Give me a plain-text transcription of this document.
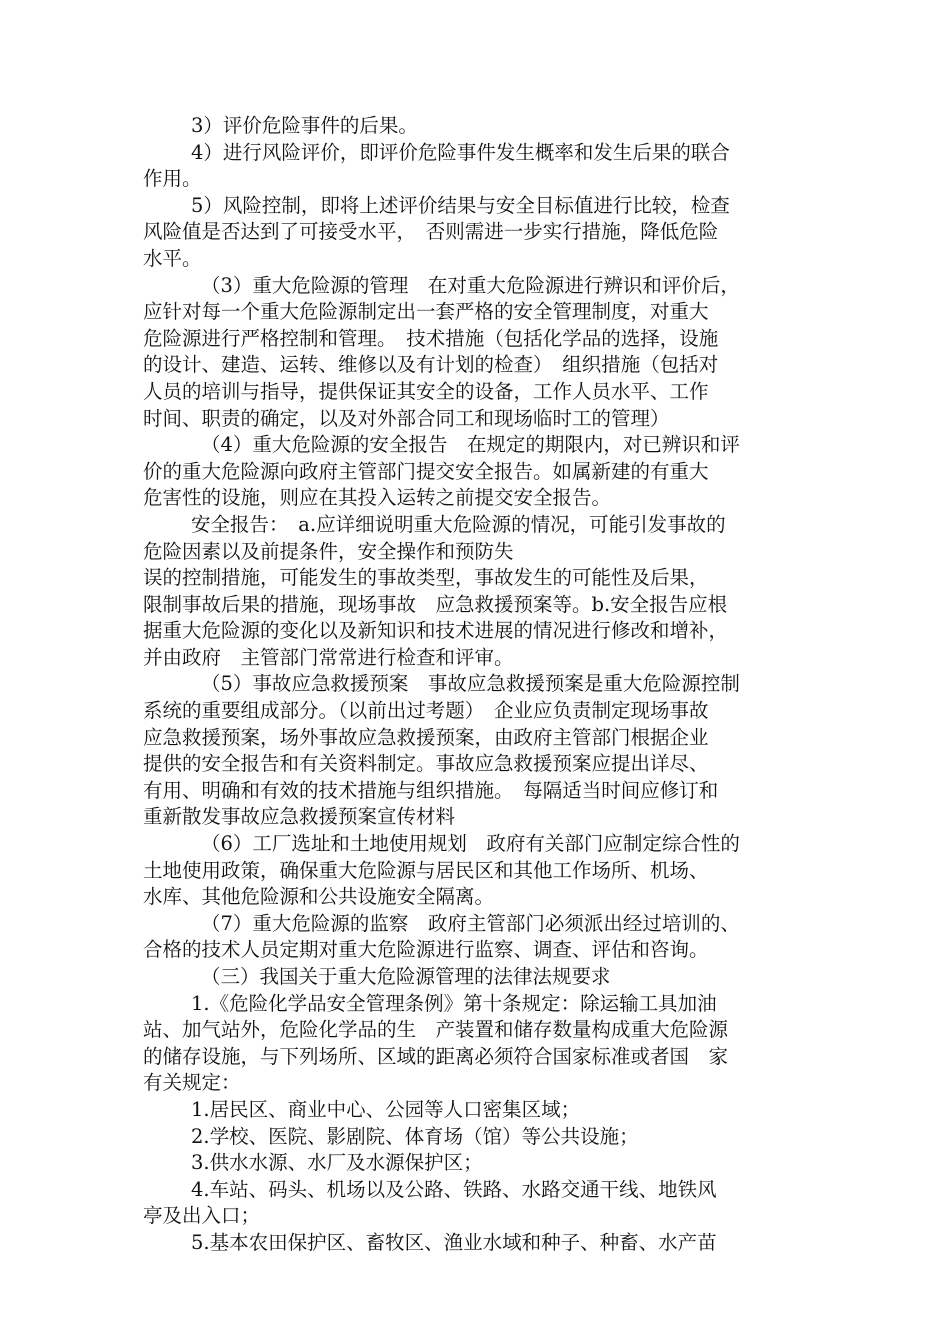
3）评价危险事件的后果。
4）进行风险评价，即评价危险事件发生概率和发生后果的联合
作用。
5）风险控制，即将上述评价结果与安全目标值进行比较，检查
风险值是否达到了可接受水平，　否则需进一步实行措施，降低危险
水平。
（3）重大危险源的管理　在对重大危险源进行辨识和评价后，
应针对每一个重大危险源制定出一套严格的安全管理制度，对重大
危险源进行严格控制和管理。　技术措施（包括化学品的选择，设施
的设计、建造、运转、维修以及有计划的检查）　组织措施（包括对
人员的培训与指导，提供保证其安全的设备，工作人员水平、工作
时间、职责的确定，以及对外部合同工和现场临时工的管理）
（4）重大危险源的安全报告　在规定的期限内，对已辨识和评
价的重大危险源向政府主管部门提交安全报告。如属新建的有重大
危害性的设施，则应在其投入运转之前提交安全报告。
安全报告：　a.应详细说明重大危险源的情况，可能引发事故的
危险因素以及前提条件，安全操作和预防失
误的控制措施，可能发生的事故类型，事故发生的可能性及后果，
限制事故后果的措施，现场事故　应急救援预案等。b.安全报告应根
据重大危险源的变化以及新知识和技术进展的情况进行修改和增补，
并由政府　主管部门常常进行检查和评审。
（5）事故应急救援预案　事故应急救援预案是重大危险源控制
系统的重要组成部分。（以前出过考题）　企业应负责制定现场事故
应急救援预案，场外事故应急救援预案，由政府主管部门根据企业
提供的安全报告和有关资料制定。事故应急救援预案应提出详尽、
有用、明确和有效的技术措施与组织措施。　每隔适当时间应修订和
重新散发事故应急救援预案宣传材料
（6）工厂选址和土地使用规划　政府有关部门应制定综合性的
土地使用政策，确保重大危险源与居民区和其他工作场所、机场、
水库、其他危险源和公共设施安全隔离。
（7）重大危险源的监察　政府主管部门必须派出经过培训的、
合格的技术人员定期对重大危险源进行监察、调查、评估和咨询。
（三）我国关于重大危险源管理的法律法规要求
1.《危险化学品安全管理条例》第十条规定：除运输工具加油
站、加气站外，危险化学品的生　产装置和储存数量构成重大危险源
的储存设施，与下列场所、区域的距离必须符合国家标准或者国　家
有关规定：
1.居民区、商业中心、公园等人口密集区域；
2.学校、医院、影剧院、体育场（馆）等公共设施；
3.供水水源、水厂及水源保护区；
4.车站、码头、机场以及公路、铁路、水路交通干线、地铁风
亭及出入口；
5.基本农田保护区、畜牧区、渔业水域和种子、种畜、水产苗
